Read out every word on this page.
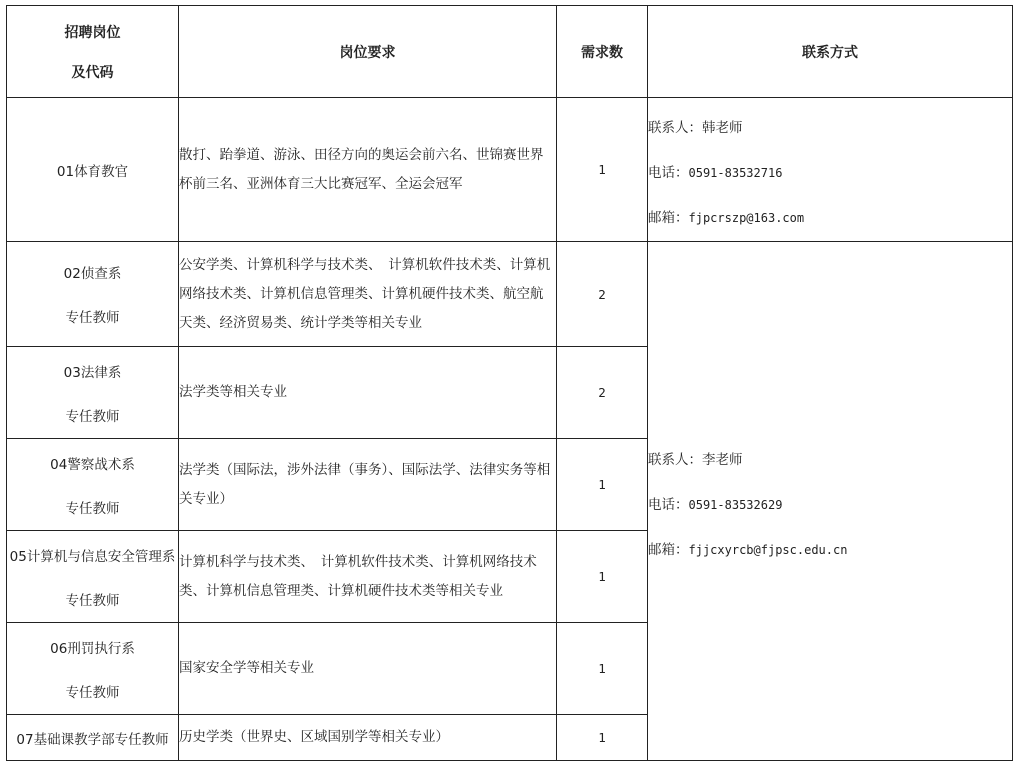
招聘岗位
及代码	岗位要求	需求数	联系方式

01体育教官	散打、跆拳道、游泳、田径方向的奥运会前六名、世锦赛世界杯前三名、亚洲体育三大比赛冠军、全运会冠军	1	联系人：韩老师
电话：0591-83532716
邮箱：fjpcrszp@163.com

02侦查系
专任教师	公安学类、计算机科学与技术类、　计算机软件技术类、计算机网络技术类、计算机信息管理类、计算机硬件技术类、航空航天类、经济贸易类、统计学类等相关专业	2	联系人：李老师
电话：0591-83532629
邮箱：fjjcxyrcb@fjpsc.edu.cn

03法律系
专任教师	法学类等相关专业	2	

04警察战术系
专任教师	法学类（国际法，涉外法律（事务）、国际法学、法律实务等相关专业）	1	

05计算机与信息安全管理系
专任教师	计算机科学与技术类、　计算机软件技术类、计算机网络技术类、计算机信息管理类、计算机硬件技术类等相关专业	1	

06刑罚执行系
专任教师	国家安全学等相关专业	1	

07基础课教学部专任教师	历史学类（世界史、区域国别学等相关专业）	1	
